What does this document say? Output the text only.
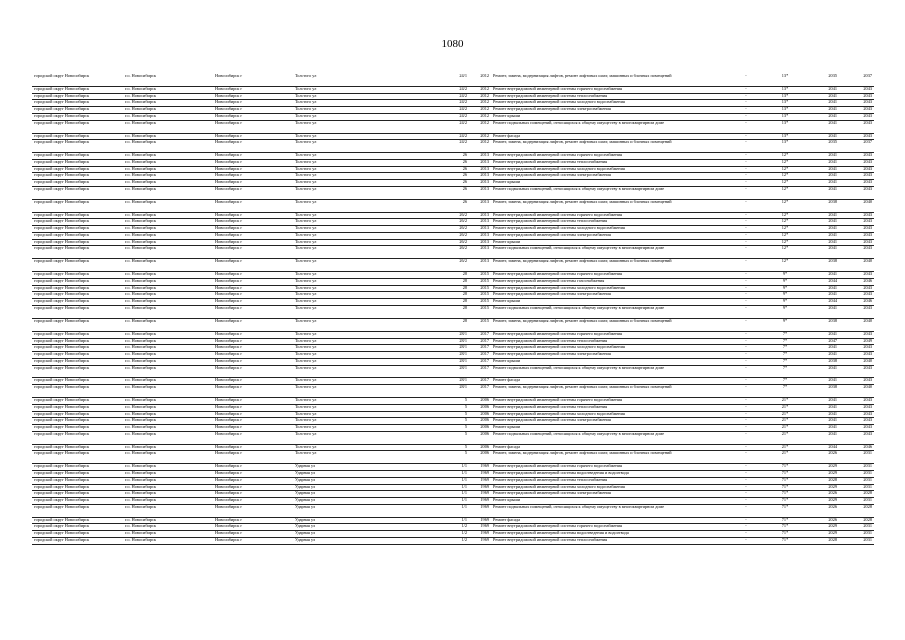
1080
городской округ Новосибирск	г.о. Новосибирск	Новосибирск г	Толстого ул	24/1	2012	Ремонт, замена, модернизация лифтов, ремонт лифтовых шахт, машинных и блочных помещений	-	13*	2035	2037
городской округ Новосибирск	г.о. Новосибирск	Новосибирск г	Толстого ул	24/2	2012	Ремонт внутридомовой инженерной системы горячего водоснабжения	-	13*	2041	2043
городской округ Новосибирск	г.о. Новосибирск	Новосибирск г	Толстого ул	24/2	2012	Ремонт внутридомовой инженерной системы теплоснабжения	-	13*	2041	2043
городской округ Новосибирск	г.о. Новосибирск	Новосибирск г	Толстого ул	24/2	2012	Ремонт внутридомовой инженерной системы холодного водоснабжения	-	13*	2041	2043
городской округ Новосибирск	г.о. Новосибирск	Новосибирск г	Толстого ул	24/2	2012	Ремонт внутридомовой инженерной системы электроснабжения	-	13*	2041	2043
городской округ Новосибирск	г.о. Новосибирск	Новосибирск г	Толстого ул	24/2	2012	Ремонт крыши	-	13*	2041	2043
городской округ Новосибирск	г.о. Новосибирск	Новосибирск г	Толстого ул	24/2	2012	Ремонт подвальных помещений, относящихся к общему имуществу в многоквартирном доме	-	13*	2041	2043
городской округ Новосибирск	г.о. Новосибирск	Новосибирск г	Толстого ул	24/2	2012	Ремонт фасада	-	13*	2041	2043
городской округ Новосибирск	г.о. Новосибирск	Новосибирск г	Толстого ул	24/2	2012	Ремонт, замена, модернизация лифтов, ремонт лифтовых шахт, машинных и блочных помещений	-	13*	2035	2037
городской округ Новосибирск	г.о. Новосибирск	Новосибирск г	Толстого ул	26	2013	Ремонт внутридомовой инженерной системы горячего водоснабжения	-	12*	2041	2043
городской округ Новосибирск	г.о. Новосибирск	Новосибирск г	Толстого ул	26	2013	Ремонт внутридомовой инженерной системы теплоснабжения	-	12*	2041	2043
городской округ Новосибирск	г.о. Новосибирск	Новосибирск г	Толстого ул	26	2013	Ремонт внутридомовой инженерной системы холодного водоснабжения	-	12*	2041	2043
городской округ Новосибирск	г.о. Новосибирск	Новосибирск г	Толстого ул	26	2013	Ремонт внутридомовой инженерной системы электроснабжения	-	12*	2041	2043
городской округ Новосибирск	г.о. Новосибирск	Новосибирск г	Толстого ул	26	2013	Ремонт крыши	-	12*	2041	2043
городской округ Новосибирск	г.о. Новосибирск	Новосибирск г	Толстого ул	26	2013	Ремонт подвальных помещений, относящихся к общему имуществу в многоквартирном доме	-	12*	2041	2043
городской округ Новосибирск	г.о. Новосибирск	Новосибирск г	Толстого ул	26	2013	Ремонт, замена, модернизация лифтов, ремонт лифтовых шахт, машинных и блочных помещений	-	12*	2038	2040
городской округ Новосибирск	г.о. Новосибирск	Новосибирск г	Толстого ул	26/2	2013	Ремонт внутридомовой инженерной системы горячего водоснабжения	-	12*	2041	2043
городской округ Новосибирск	г.о. Новосибирск	Новосибирск г	Толстого ул	26/2	2013	Ремонт внутридомовой инженерной системы теплоснабжения	-	12*	2041	2043
городской округ Новосибирск	г.о. Новосибирск	Новосибирск г	Толстого ул	26/2	2013	Ремонт внутридомовой инженерной системы холодного водоснабжения	-	12*	2041	2043
городской округ Новосибирск	г.о. Новосибирск	Новосибирск г	Толстого ул	26/2	2013	Ремонт внутридомовой инженерной системы электроснабжения	-	12*	2041	2043
городской округ Новосибирск	г.о. Новосибирск	Новосибирск г	Толстого ул	26/2	2013	Ремонт крыши	-	12*	2041	2043
городской округ Новосибирск	г.о. Новосибирск	Новосибирск г	Толстого ул	26/2	2013	Ремонт подвальных помещений, относящихся к общему имуществу в многоквартирном доме	-	12*	2041	2043
городской округ Новосибирск	г.о. Новосибирск	Новосибирск г	Толстого ул	26/2	2013	Ремонт, замена, модернизация лифтов, ремонт лифтовых шахт, машинных и блочных помещений	-	12*	2038	2040
городской округ Новосибирск	г.о. Новосибирск	Новосибирск г	Толстого ул	28	2015	Ремонт внутридомовой инженерной системы горячего водоснабжения	-	9*	2041	2043
городской округ Новосибирск	г.о. Новосибирск	Новосибирск г	Толстого ул	28	2015	Ремонт внутридомовой инженерной системы газоснабжения	-	9*	2044	2046
городской округ Новосибирск	г.о. Новосибирск	Новосибирск г	Толстого ул	28	2015	Ремонт внутридомовой инженерной системы холодного водоснабжения	-	9*	2041	2043
городской округ Новосибирск	г.о. Новосибирск	Новосибирск г	Толстого ул	28	2015	Ремонт внутридомовой инженерной системы электроснабжения	-	9*	2041	2043
городской округ Новосибирск	г.о. Новосибирск	Новосибирск г	Толстого ул	28	2015	Ремонт крыши	-	9*	2044	2046
городской округ Новосибирск	г.о. Новосибирск	Новосибирск г	Толстого ул	28	2015	Ремонт подвальных помещений, относящихся к общему имуществу в многоквартирном доме	-	9*	2041	2043
городской округ Новосибирск	г.о. Новосибирск	Новосибирск г	Толстого ул	28	2015	Ремонт, замена, модернизация лифтов, ремонт лифтовых шахт, машинных и блочных помещений	-	9*	2038	2040
городской округ Новосибирск	г.о. Новосибирск	Новосибирск г	Толстого ул	28/1	2017	Ремонт внутридомовой инженерной системы горячего водоснабжения	-	7*	2041	2043
городской округ Новосибирск	г.о. Новосибирск	Новосибирск г	Толстого ул	28/1	2017	Ремонт внутридомовой инженерной системы теплоснабжения	-	7*	2047	2049
городской округ Новосибирск	г.о. Новосибирск	Новосибирск г	Толстого ул	28/1	2017	Ремонт внутридомовой инженерной системы холодного водоснабжения	-	7*	2041	2043
городской округ Новосибирск	г.о. Новосибирск	Новосибирск г	Толстого ул	28/1	2017	Ремонт внутридомовой инженерной системы электроснабжения	-	7*	2041	2043
городской округ Новосибирск	г.о. Новосибирск	Новосибирск г	Толстого ул	28/1	2017	Ремонт крыши	-	7*	2038	2040
городской округ Новосибирск	г.о. Новосибирск	Новосибирск г	Толстого ул	28/1	2017	Ремонт подвальных помещений, относящихся к общему имуществу в многоквартирном доме	-	7*	2041	2043
городской округ Новосибирск	г.о. Новосибирск	Новосибирск г	Толстого ул	28/1	2017	Ремонт фасада	-	7*	2041	2043
городской округ Новосибирск	г.о. Новосибирск	Новосибирск г	Толстого ул	28/1	2017	Ремонт, замена, модернизация лифтов, ремонт лифтовых шахт, машинных и блочных помещений	-	7*	2038	2040
городской округ Новосибирск	г.о. Новосибирск	Новосибирск г	Толстого ул	5	2006	Ремонт внутридомовой инженерной системы горячего водоснабжения	-	21*	2041	2043
городской округ Новосибирск	г.о. Новосибирск	Новосибирск г	Толстого ул	5	2006	Ремонт внутридомовой инженерной системы теплоснабжения	-	21*	2041	2043
городской округ Новосибирск	г.о. Новосибирск	Новосибирск г	Толстого ул	5	2006	Ремонт внутридомовой инженерной системы холодного водоснабжения	-	21*	2041	2043
городской округ Новосибирск	г.о. Новосибирск	Новосибирск г	Толстого ул	5	2006	Ремонт внутридомовой инженерной системы электроснабжения	-	21*	2041	2043
городской округ Новосибирск	г.о. Новосибирск	Новосибирск г	Толстого ул	5	2006	Ремонт крыши	-	21*	2041	2043
городской округ Новосибирск	г.о. Новосибирск	Новосибирск г	Толстого ул	5	2006	Ремонт подвальных помещений, относящихся к общему имуществу в многоквартирном доме	-	21*	2041	2043
городской округ Новосибирск	г.о. Новосибирск	Новосибирск г	Толстого ул	5	2006	Ремонт фасада	-	21*	2044	2046
городской округ Новосибирск	г.о. Новосибирск	Новосибирск г	Толстого ул	5	2006	Ремонт, замена, модернизация лифтов, ремонт лифтовых шахт, машинных и блочных помещений	-	21*	2026	2031
городской округ Новосибирск	г.о. Новосибирск	Новосибирск г	Ударная ул	1/1	1969	Ремонт внутридомовой инженерной системы горячего водоснабжения	-	71*	2029	2031
городской округ Новосибирск	г.о. Новосибирск	Новосибирск г	Ударная ул	1/1	1969	Ремонт внутридомовой инженерной системы водоотведения и водоотвода	-	71*	2029	2031
городской округ Новосибирск	г.о. Новосибирск	Новосибирск г	Ударная ул	1/1	1969	Ремонт внутридомовой инженерной системы теплоснабжения	-	71*	2028	2031
городской округ Новосибирск	г.о. Новосибирск	Новосибирск г	Ударная ул	1/1	1969	Ремонт внутридомовой инженерной системы холодного водоснабжения	-	71*	2029	2031
городской округ Новосибирск	г.о. Новосибирск	Новосибирск г	Ударная ул	1/1	1969	Ремонт внутридомовой инженерной системы электроснабжения	-	71*	2026	2028
городской округ Новосибирск	г.о. Новосибирск	Новосибирск г	Ударная ул	1/1	1969	Ремонт крыши	-	71*	2029	2031
городской округ Новосибирск	г.о. Новосибирск	Новосибирск г	Ударная ул	1/1	1969	Ремонт подвальных помещений, относящихся к общему имуществу в многоквартирном доме	-	71*	2026	2028
городской округ Новосибирск	г.о. Новосибирск	Новосибирск г	Ударная ул	1/1	1969	Ремонт фасада	-	71*	2026	2028
городской округ Новосибирск	г.о. Новосибирск	Новосибирск г	Ударная ул	1/2	1969	Ремонт внутридомовой инженерной системы горячего водоснабжения	-	71*	2029	2031
городской округ Новосибирск	г.о. Новосибирск	Новосибирск г	Ударная ул	1/2	1969	Ремонт внутридомовой инженерной системы водоотведения и водоотвода	-	71*	2029	2031
городской округ Новосибирск	г.о. Новосибирск	Новосибирск г	Ударная ул	1/2	1969	Ремонт внутридомовой инженерной системы теплоснабжения	-	71*	2028	2031
